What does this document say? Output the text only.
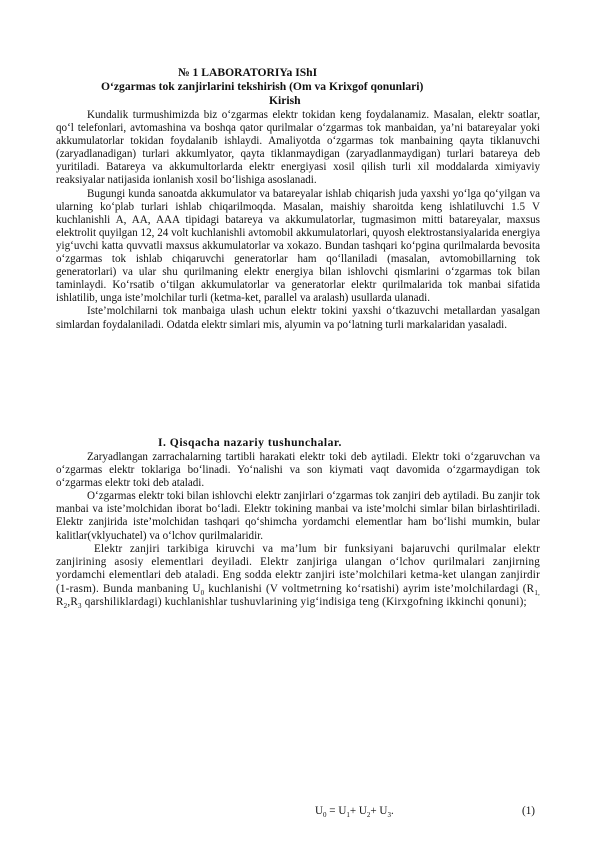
№ 1 LABORATORIYa IShI
O‘zgarmas tok zanjirlarini tekshirish (Om va Krixgof qonunlari)
Kirish

Kundalik turmushimizda biz o‘zgarmas elektr tokidan keng foydalanamiz. Masalan, elektr soatlar, qo‘l telefonlari, avtomashina va boshqa qator qurilmalar o‘zgarmas tok manbaidan, ya’ni batareyalar yoki akkumulatorlar tokidan foydalanib ishlaydi. Amaliyotda o‘zgarmas tok manbaining qayta tiklanuvchi (zaryadlanadigan) turlari akkumlyator, qayta tiklanmaydigan (zaryadlanmaydigan) turlari batareya deb yuritiladi. Batareya va akkumultorlarda elektr energiyasi xosil qilish turli xil moddalarda ximiyaviy reaksiyalar natijasida ionlanish xosil bo‘lishiga asoslanadi.

Bugungi kunda sanoatda akkumulator va batareyalar ishlab chiqarish juda yaxshi yo‘lga qo‘yilgan va ularning ko‘plab turlari ishlab chiqarilmoqda. Masalan, maishiy sharoitda keng ishlatiluvchi 1.5 V kuchlanishli A, AA, AAA tipidagi batareya va akkumulatorlar, tugmasimon mitti batareyalar, maxsus elektrolit quyilgan 12, 24 volt kuchlanishli avtomobil akkumulatorlari, quyosh elektrostansiyalarida energiya yig‘uvchi katta quvvatli maxsus akkumulatorlar va xokazo. Bundan tashqari ko‘pgina qurilmalarda bevosita o‘zgarmas tok ishlab chiqaruvchi generatorlar ham qo‘llaniladi (masalan, avtomobillarning tok generatorlari) va ular shu qurilmaning elektr energiya bilan ishlovchi qismlarini o‘zgarmas tok bilan taminlaydi. Ko‘rsatib o‘tilgan akkumulatorlar va generatorlar elektr qurilmalarida tok manbai sifatida ishlatilib, unga iste’molchilar turli (ketma-ket, parallel va aralash) usullarda ulanadi.

Iste’molchilarni tok manbaiga ulash uchun elektr tokini yaxshi o‘tkazuvchi metallardan yasalgan simlardan foydalaniladi. Odatda elektr simlari mis, alyumin va po‘latning turli markalaridan yasaladi.

I. Qisqacha nazariy tushunchalar.

Zaryadlangan zarrachalarning tartibli harakati elektr toki deb aytiladi. Elektr toki o‘zgaruvchan va o‘zgarmas elektr toklariga bo‘linadi. Yo‘nalishi va son kiymati vaqt davomida o‘zgarmaydigan tok o‘zgarmas elektr toki deb ataladi.

O‘zgarmas elektr toki bilan ishlovchi elektr zanjirlari o‘zgarmas tok zanjiri deb aytiladi. Bu zanjir tok manbai va iste’molchidan iborat bo‘ladi. Elektr tokining manbai va iste’molchi simlar bilan birlashtiriladi. Elektr zanjirida iste’molchidan tashqari qo‘shimcha yordamchi elementlar ham bo‘lishi mumkin, bular kalitlar(vklyuchatel) va o‘lchov qurilmalaridir.

Elektr zanjiri tarkibiga kiruvchi va ma’lum bir funksiyani bajaruvchi qurilmalar elektr zanjirining asosiy elementlari deyiladi. Elektr zanjiriga ulangan o‘lchov qurilmalari zanjirning yordamchi elementlari deb ataladi. Eng sodda elektr zanjiri iste’molchilari ketma-ket ulangan zanjirdir (1-rasm). Bunda manbaning $U_0$ kuchlanishi (V voltmetrning ko‘rsatishi) ayrim iste’molchilardagi ($R_{1,}$ $R_2,R_3$ qarshiliklardagi) kuchlanishlar tushuvlarining yig‘indisiga teng (Kirxgofning ikkinchi qonuni);

$U_0 = U_1+ U_2+ U_3$.	(1)
